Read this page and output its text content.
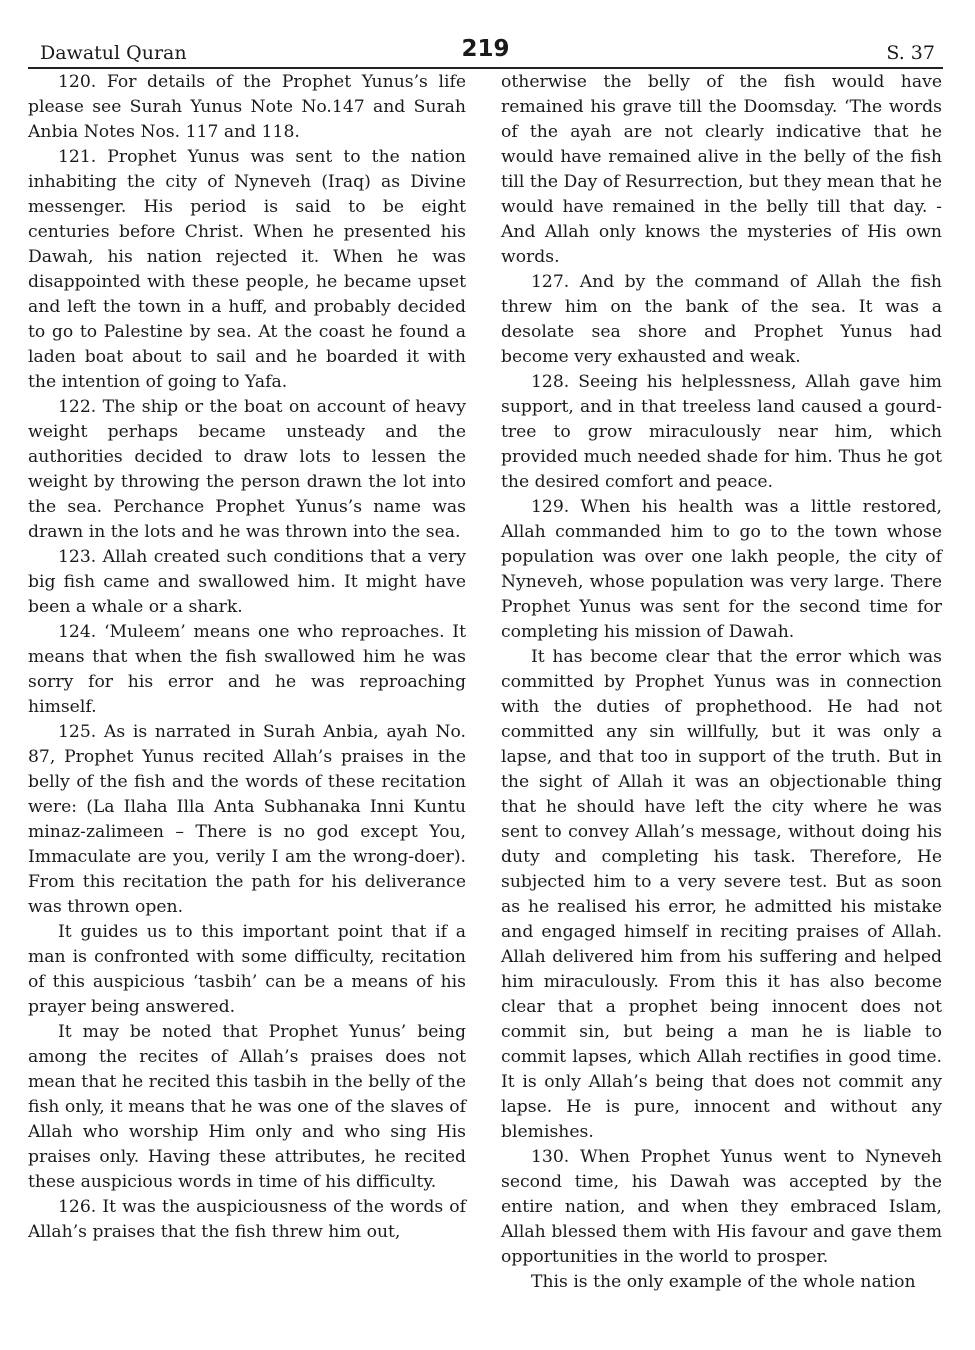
Dawatul Quran	219	S. 37

120. For details of the Prophet Yunus’s life please see Surah Yunus Note No.147 and Surah Anbia Notes Nos. 117 and 118.

121. Prophet Yunus was sent to the nation inhabiting the city of Nyneveh (Iraq) as Divine messenger. His period is said to be eight centuries before Christ. When he presented his Dawah, his nation rejected it. When he was disappointed with these people, he became upset and left the town in a huff, and probably decided to go to Palestine by sea. At the coast he found a laden boat about to sail and he boarded it with the intention of going to Yafa.

122. The ship or the boat on account of heavy weight perhaps became unsteady and the authorities decided to draw lots to lessen the weight by throwing the person drawn the lot into the sea. Perchance Prophet Yunus’s name was drawn in the lots and he was thrown into the sea.

123. Allah created such conditions that a very big fish came and swallowed him. It might have been a whale or a shark.

124. ‘Muleem’ means one who reproaches. It means that when the fish swallowed him he was sorry for his error and he was reproaching himself.

125. As is narrated in Surah Anbia, ayah No. 87, Prophet Yunus recited Allah’s praises in the belly of the fish and the words of these recitation were: (La Ilaha Illa Anta Subhanaka Inni Kuntu minaz-zalimeen – There is no god except You, Immaculate are you, verily I am the wrong-doer). From this recitation the path for his deliverance was thrown open.

It guides us to this important point that if a man is confronted with some difficulty, recitation of this auspicious ‘tasbih’ can be a means of his prayer being answered.

It may be noted that Prophet Yunus’ being among the recites of Allah’s praises does not mean that he recited this tasbih in the belly of the fish only, it means that he was one of the slaves of Allah who worship Him only and who sing His praises only. Having these attributes, he recited these auspicious words in time of his difficulty.

126. It was the auspiciousness of the words of Allah’s praises that the fish threw him out,

otherwise the belly of the fish would have remained his grave till the Doomsday. ‘The words of the ayah are not clearly indicative that he would have remained alive in the belly of the fish till the Day of Resurrection, but they mean that he would have remained in the belly till that day. -And Allah only knows the mysteries of His own words.

127. And by the command of Allah the fish threw him on the bank of the sea. It was a desolate sea shore and Prophet Yunus had become very exhausted and weak.

128. Seeing his helplessness, Allah gave him support, and in that treeless land caused a gourd-tree to grow miraculously near him, which provided much needed shade for him. Thus he got the desired comfort and peace.

129. When his health was a little restored, Allah commanded him to go to the town whose population was over one lakh people, the city of Nyneveh, whose population was very large. There Prophet Yunus was sent for the second time for completing his mission of Dawah.

It has become clear that the error which was committed by Prophet Yunus was in connection with the duties of prophethood. He had not committed any sin willfully, but it was only a lapse, and that too in support of the truth. But in the sight of Allah it was an objectionable thing that he should have left the city where he was sent to convey Allah’s message, without doing his duty and completing his task. Therefore, He subjected him to a very severe test. But as soon as he realised his error, he admitted his mistake and engaged himself in reciting praises of Allah. Allah delivered him from his suffering and helped him miraculously. From this it has also become clear that a prophet being innocent does not commit sin, but being a man he is liable to commit lapses, which Allah rectifies in good time. It is only Allah’s being that does not commit any lapse. He is pure, innocent and without any blemishes.

130. When Prophet Yunus went to Nyneveh second time, his Dawah was accepted by the entire nation, and when they embraced Islam, Allah blessed them with His favour and gave them opportunities in the world to prosper.

This is the only example of the whole nation
